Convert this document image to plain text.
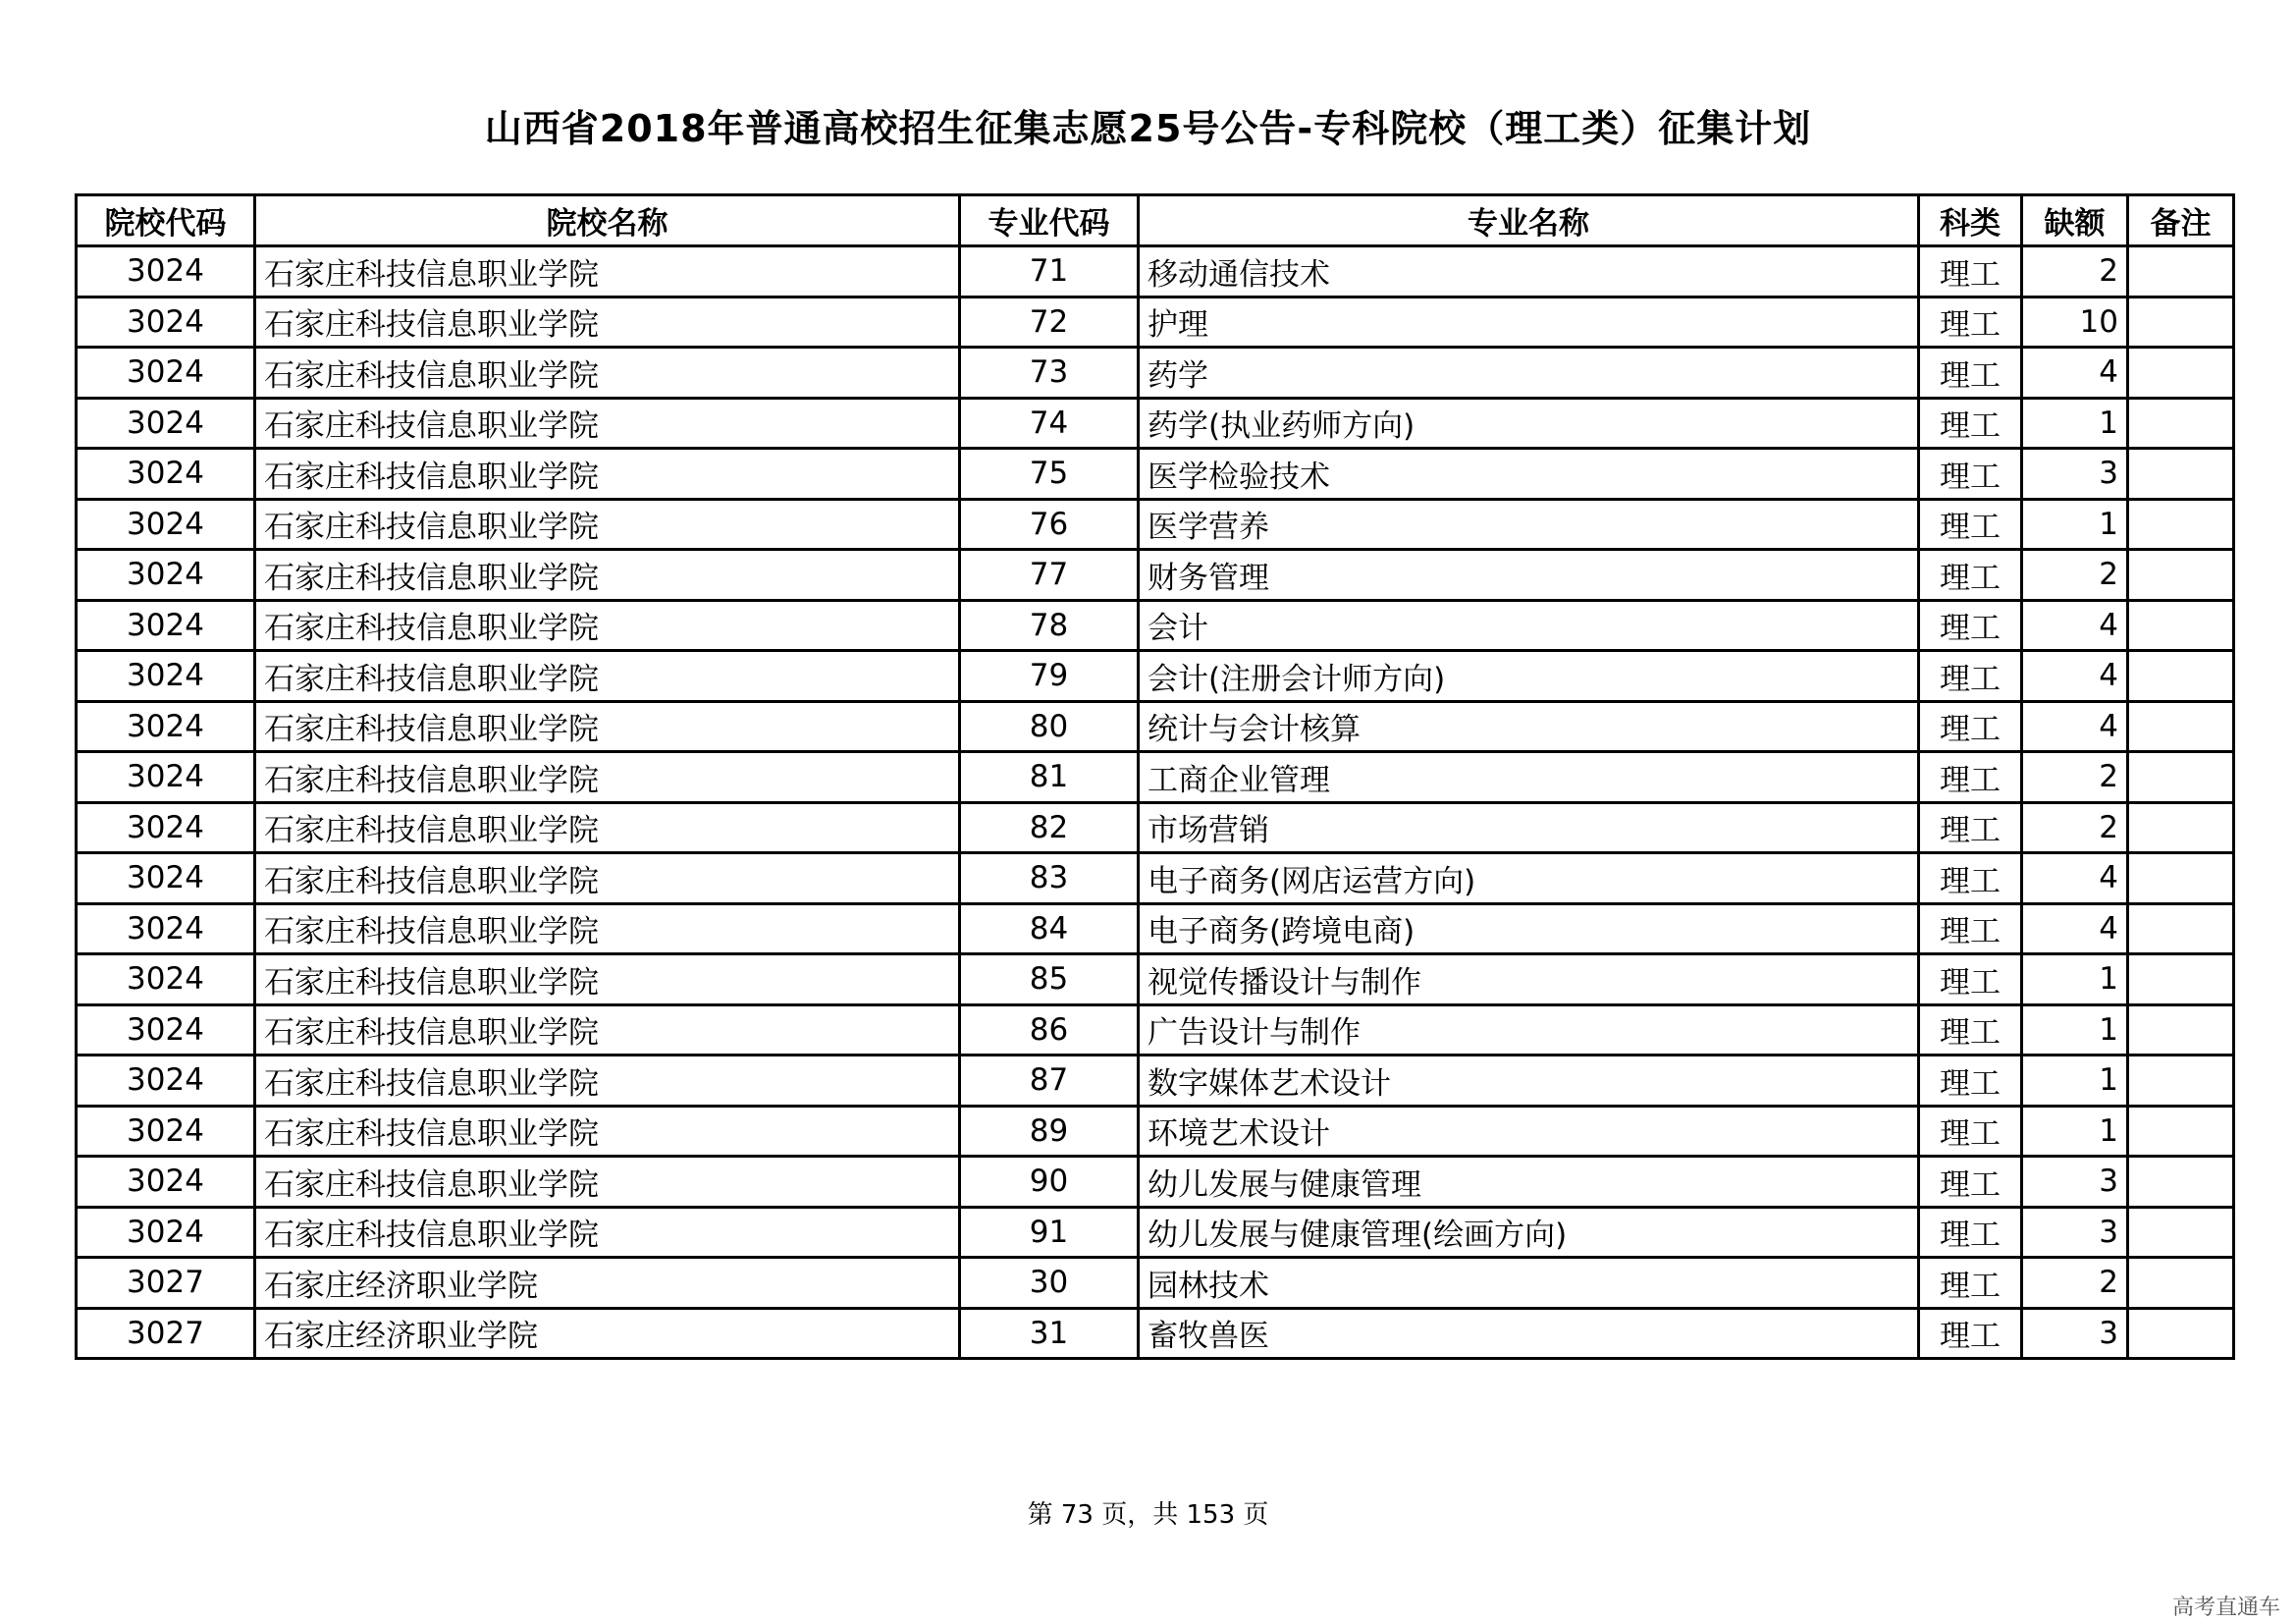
山西省2018年普通高校招生征集志愿25号公告-专科院校（理工类）征集计划
院校代码	院校名称	专业代码	专业名称	科类	缺额	备注
3024	石家庄科技信息职业学院	71	移动通信技术	理工	2	
3024	石家庄科技信息职业学院	72	护理	理工	10	
3024	石家庄科技信息职业学院	73	药学	理工	4	
3024	石家庄科技信息职业学院	74	药学(执业药师方向)	理工	1	
3024	石家庄科技信息职业学院	75	医学检验技术	理工	3	
3024	石家庄科技信息职业学院	76	医学营养	理工	1	
3024	石家庄科技信息职业学院	77	财务管理	理工	2	
3024	石家庄科技信息职业学院	78	会计	理工	4	
3024	石家庄科技信息职业学院	79	会计(注册会计师方向)	理工	4	
3024	石家庄科技信息职业学院	80	统计与会计核算	理工	4	
3024	石家庄科技信息职业学院	81	工商企业管理	理工	2	
3024	石家庄科技信息职业学院	82	市场营销	理工	2	
3024	石家庄科技信息职业学院	83	电子商务(网店运营方向)	理工	4	
3024	石家庄科技信息职业学院	84	电子商务(跨境电商)	理工	4	
3024	石家庄科技信息职业学院	85	视觉传播设计与制作	理工	1	
3024	石家庄科技信息职业学院	86	广告设计与制作	理工	1	
3024	石家庄科技信息职业学院	87	数字媒体艺术设计	理工	1	
3024	石家庄科技信息职业学院	89	环境艺术设计	理工	1	
3024	石家庄科技信息职业学院	90	幼儿发展与健康管理	理工	3	
3024	石家庄科技信息职业学院	91	幼儿发展与健康管理(绘画方向)	理工	3	
3027	石家庄经济职业学院	30	园林技术	理工	2	
3027	石家庄经济职业学院	31	畜牧兽医	理工	3	
第 73 页，共 153 页
高考直通车
